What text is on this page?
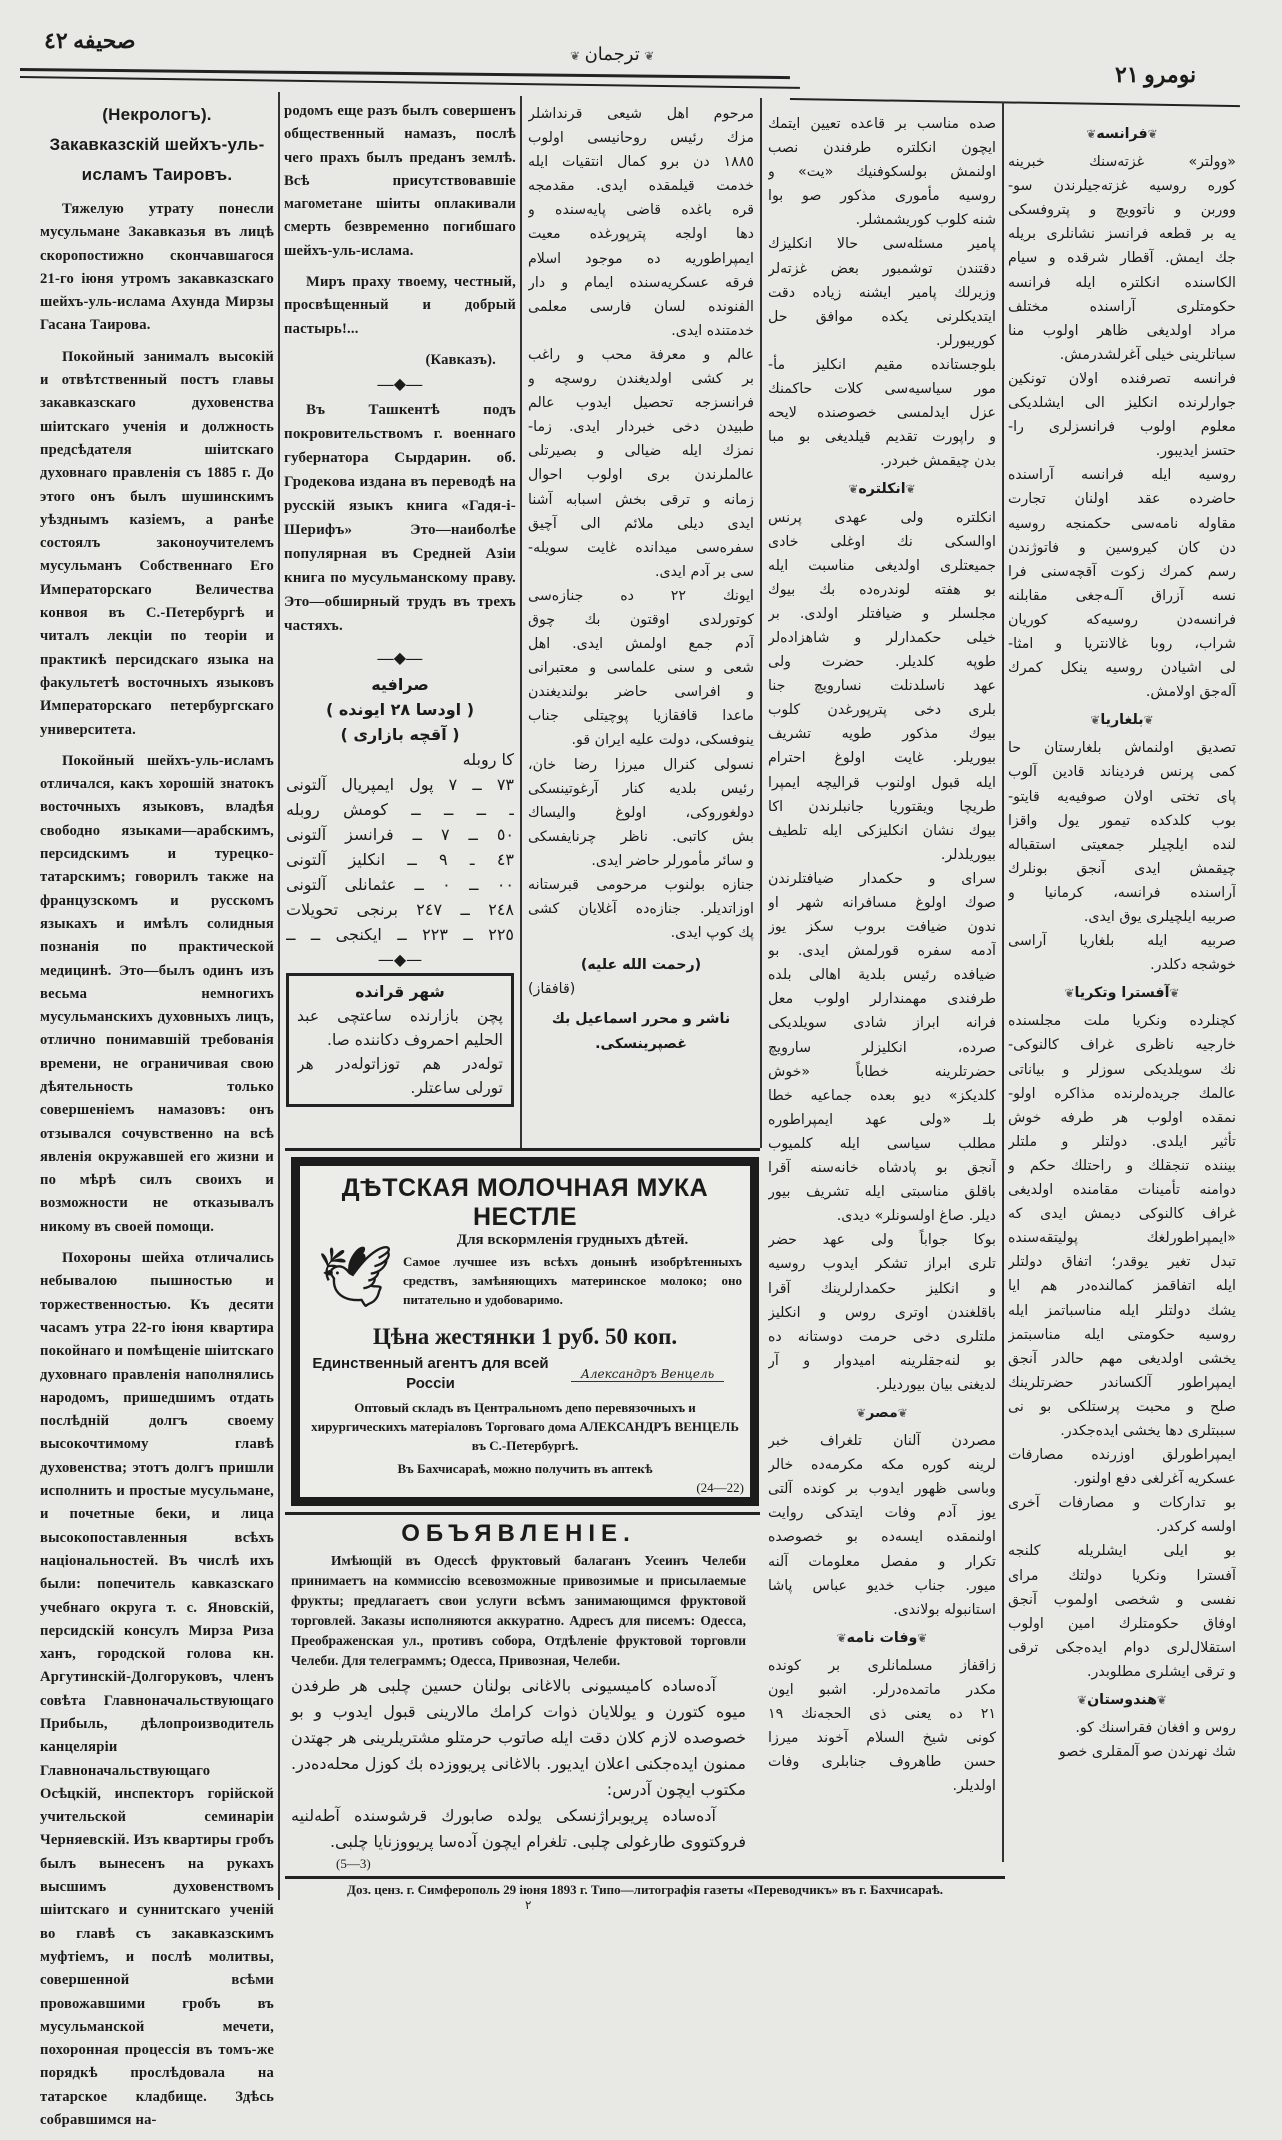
صحيفه ٤٢
❦ ترجمان ❦
نومرو ٢١
(Некрологъ).
Закавказскій шейхъ-уль-исламъ Таировъ.

Тяжелую утрату понесли мусульмане Закавказья въ лицѣ скоропостижно скончавшагося 21-го іюня утромъ закавказскаго шейхъ-уль-ислама Ахунда Мирзы Гасана Таирова.

Покойный занималъ высокій и отвѣтственный постъ главы закавказскаго духовенства шіитскаго ученія и должность предсѣдателя шіитскаго духовнаго правленія съ 1885 г. До этого онъ былъ шушинскимъ уѣзднымъ казіемъ, а ранѣе состоялъ законоучителемъ мусульманъ Собственнаго Его Императорскаго Величества конвоя въ С.-Петербургѣ и читалъ лекціи по теоріи и практикѣ персидскаго языка на факультетѣ восточныхъ языковъ Императорскаго петербургскаго университета.

Покойный шейхъ-уль-исламъ отличался, какъ хорошій знатокъ восточныхъ языковъ, владѣя свободно языками—арабскимъ, персидскимъ и турецко-татарскимъ; говорилъ также на французскомъ и русскомъ языкахъ и имѣлъ солидныя познанія по практической медицинѣ. Это—былъ одинъ изъ весьма немногихъ мусульманскихъ духовныхъ лицъ, отлично понимавшій требованія времени, не ограничивая свою дѣятельность только совершеніемъ намазовъ: онъ отзывался сочувственно на всѣ явленія окружавшей его жизни и по мѣрѣ силъ своихъ и возможности не отказывалъ никому въ своей помощи.

Похороны шейха отличались небывалою пышностью и торжественностью. Къ десяти часамъ утра 22-го іюня квартира покойнаго и помѣщеніе шіитскаго духовнаго правленія наполнялись народомъ, пришедшимъ отдать послѣдній долгъ своему высокочтимому главѣ духовенства; этотъ долгъ пришли исполнить и простые мусульмане, и почетные беки, и лица высокопоставленныя всѣхъ національностей. Въ числѣ ихъ были: попечитель кавказскаго учебнаго округа т. с. Яновскій, персидскій консулъ Мирза Риза ханъ, городской голова кн. Аргутинскій-Долгоруковъ, членъ совѣта Главноначальствующаго Прибыль, дѣлопроизводитель канцеляріи Главноначальствующаго Осѣцкій, инспекторъ горійской учительской семинаріи Черняевскій. Изъ квартиры гробъ былъ вынесенъ на рукахъ высшимъ духовенствомъ шіитскаго и суннитскаго ученій во главѣ съ закавказскимъ муфтіемъ, и послѣ молитвы, совершенной всѣми провожавшими гробъ въ мусульманской мечети, похоронная процессія въ томъ-же порядкѣ прослѣдовала на татарское кладбище. Здѣсь собравшимся на-

родомъ еще разъ былъ совершенъ общественный намазъ, послѣ чего прахъ былъ преданъ землѣ. Всѣ присутствовавшіе магометане шіиты оплакивали смерть безвременно погибшаго шейхъ-уль-ислама.

Миръ праху твоему, честный, просвѣщенный и добрый пастырь!...

(Кавказъ).
—◆—

Въ Ташкентѣ подъ покровительствомъ г. военнаго губернатора Сырдарин. об. Гродекова издана въ переводѣ на русскій языкъ книга «Гадя-і-Шерифъ» Это—наиболѣе популярная въ Средней Азіи книга по мусульманскому праву. Это—обширный трудъ въ трехъ частяхъ.

—◆—
صرافيه
( اودسا ٢٨ ايونده )
( آقچه بازارى )
كا روبله
٧٣ ــ ٧ پول ايمپريال آلتونى
ـ ــ ــ ــ كومش روبله
٥٠ ــ ٧ ــ فرانسز آلتونى
٤٣ ـ ٩ ــ انكليز آلتونى
٠٠ ــ ٠ ــ عثمانلى آلتونى
٢٤٨ ــ ٢٤٧ برنجى تحويلات
٢٢٥ ــ ٢٢٣ ــ ايكنجى ــ ــ
—◆—
شهر قرانده
پچن بازارنده ساعتچى عبد
الحليم احمروف دكاننده صا.
توله‌در هم توزاتوله‌در هر
تورلى ساعتلر.
مرحوم اهل شيعى قرنداشلر
مزك رئيس روحانيسى اولوب
١٨٨٥ دن برو كمال انتقيات ايله
خدمت قيلمقده ايدى. مقدمجه
قره باغده قاضى پايه‌سنده و
دها اولجه پترپورغده معيت
ايمپراطوريه ده موجود اسلام
فرقه عسكريه‌سنده ايمام و دار
الفنونده لسان فارسى معلمى
خدمتنده ايدى.
عالم و معرفة محب و راغب
بر كشى اولديغندن روسچه و
فرانسزجه تحصيل ايدوب عالم
طبيدن دخى خبردار ايدى. زما-
نمزك ايله ضيالى و بصيرتلى
عالملرندن برى اولوب احوال
زمانه و ترقى بخش اسبابه آشنا
ايدى ديلى ملائم الى آچيق
سفره‌سى ميدانده غايت سويله-
سى بر آدم ايدى.
ايونك ٢٢ ده جنازه‌سى
كوتورلدى اوقتون بك چوق
آدم جمع اولمش ايدى. اهل
شعى و سنى علماسى و معتبرانى
و افراسى حاضر بولنديغندن
ماعدا قافقازيا پوچيتلى جناب
ينوفسكى، دولت عليه ايران قو.
نسولى كنرال ميرزا رضا خان،
رئيس بلديه كنار آرغوتينسكى
دولغوروكى، اولوغ واليساك
بش كاتبى. ناظر چرنايفسكى
و سائر مأمورلر حاضر ايدى.
جنازه بولنوب مرحومى قبرستانه
اوزاتديلر. جنازه‌ده آغلايان كشى
پك كوپ ايدى.
(رحمت الله عليه)
(قافقاز)
ناشر و محرر اسماعيل بك
غصپرينسكى.
صده مناسب بر قاعده تعيين ايتمك
ايچون انكلتره طرفندن نصب
اولنمش بولسكوفنيك «يت» و
روسيه مأمورى مذكور صو بوا
شنه كلوب كوريشمشلر.
پامير مسئله‌سى حالا انكليزك
دقتندن توشمبور بعض غزته‌لر
وزيرلك پامير ايشنه زياده دقت
ايتديكلرنى يكده موافق حل
كوريبورلر.
بلوجستانده مقيم انكليز مأ-
مور سياسيه‌سى كلات حاكمنك
عزل ايدلمسى خصوصنده لايحه
و راپورت تقديم قيلديغى بو مبا
بدن چيقمش خبردر.
❦انكلتره❦
انكلتره ولى عهدى پرنس
اوالسكى نك اوغلى خادى
جميعتلرى اولديغى مناسبت ايله
بو هفته لوندره‌ده بك بيوك
مجلسلر و ضيافتلر اولدى. بر
خيلى حكمدارلر و شاهزاده‌لر
طوپه كلديلر. حضرت ولى
عهد ناسلدنلت نسارويچ جنا
بلرى دخى پترپورغدن كلوب
بيوك مذكور طويه تشريف
بيوريلر. غايت اولوغ احترام
ايله قبول اولنوب قراليچه ايمپرا
طريچا ويقتوريا جانبلرندن اكا
بيوك نشان انكليزكى ايله تلطيف
بيوريلدلر.
سراى و حكمدار ضيافتلرندن
صوك اولوغ مسافرانه شهر او
ندون ضيافت بروب سكز يوز
آدمه سفره قورلمش ايدى. بو
ضيافده رئيس بلدية اهالى بلده
طرفندى مهمندارلر اولوب معل
فرانه ابراز شادى سويلديكى
صرده، انكليزلر سارويچ
حضرتلرينه خطاباً «خوش
كلديكز» ديو بعده جماعيه خطا
بلـ «ولى عهد ايمپراطوره
مطلب سياسى ايله كلميوب
آنجق بو پادشاه خانه‌سنه آقرا
باقلق مناسبتى ايله تشريف بيور
ديلر. صاغ اولسونلر» ديدى.
بوكا جواباً ولى عهد حضر
تلرى ابراز تشكر ايدوب روسيه
و انكليز حكمدارلرينك آقرا
باقلغندن اوترى روس و انكليز
ملتلرى دخى حرمت دوستانه ده
بو لنه‌جقلرينه اميدوار و آر
لديغنى بيان بيورديلر.
❦مصر❦
مصردن آلنان تلغراف خبر
لرينه كوره مكه مكرمه‌ده خالر
وباسى ظهور ايدوب بر كونده آلتى
يوز آدم وفات ايتدكى روايت
اولنمقده ايسه‌ده بو خصوصده
تكرار و مفصل معلومات آلنه
ميور. جناب خديو عباس پاشا
استانبوله بولاندى.
❦وفات نامه❦
زاقفاز مسلمانلرى بر كونده
مكدر ماتمده‌درلر. اشبو ايون
٢١ ده يعنى ذى الحجه‌نك ١٩
كونى شيخ السلام آخوند ميرزا
حسن طاهروف جنابلرى وفات
اولديلر.
❦فرانسه❦
«وولتر» غزته‌سنك خبرينه
كوره روسيه غزته‌جيلرندن سو-
ووربن و ناتوويچ و پتروفسكى
يه بر قطعه فرانسز نشانلرى بريله
جك ايمش. آقطار شرقده و سيام
الكاسنده انكلتره ايله فرانسه
حكومتلرى آراسنده مختلف
مراد اولديغى ظاهر اولوب منا
سباتلرينى خيلى آغرلشدرمش.
فرانسه تصرفنده اولان تونكين
جوارلرنده انكليز الى ايشلديكى
معلوم اولوب فرانسزلرى را-
حتسز ايديبور.
روسيه ايله فرانسه آراسنده
حاضرده عقد اولنان تجارت
مقاوله نامه‌سى حكمنجه روسيه
دن كان كيروسين و فاتوژندن
رسم كمرك زكوت آقچه‌سنى فرا
نسه آزراق آلـه‌جغى مقابلنه
فرانسه‌دن روسيه‌كه كوريان
شراب، روبا غالانتريا و امثا-
لى اشيادن روسيه ينكل كمرك
آله‌جق اولامش.
❦بلغاريا❦
تصديق اولنماش بلغارستان حا
كمى پرنس فرديناند قادين آلوب
پاى تختى اولان صوفيه‌يه قايتو-
بوب كلدكده تيمور يول واقزا
لنده ايلچيلر جمعيتى استقباله
چيقمش ايدى آنجق بونلرك
آراسنده فرانسه، كرمانيا و
صربيه ايلچيلرى يوق ايدى.
صربيه ايله بلغاريا آراسى
خوشجه دكلدر.
❦آفسترا وتكريا❦
كچنلرده ونكريا ملت مجلسنده
خارجيه ناظرى غراف كالنوكى-
نك سويلديكى سوزلر و بياناتى
عالمك جريده‌لرنده مذاكره اولو-
نمقده اولوب هر طرفه خوش
تأثير ايلدى. دولتلر و ملتلر
بيننده تنجقلك و راحتلك حكم و
دوامنه تأمينات مقامنده اولديغى
غراف كالنوكى ديمش ايدى كه
«ايمپراطورلغك پوليتقه‌سنده
تبدل تغير يوقدر؛ اتفاق دولتلر
ايله اتفاقمز كمالنده‌در هم ايا
يشك دولتلر ايله مناسباتمز ايله
روسيه حكومتى ايله مناسبتمز
يخشى اولديغى مهم حالدر آنجق
ايمپراطور آلكساندر حضرتلرينك
صلح و محبت پرستلكى بو نى
سببتلرى دها يخشى ايده‌جكدر.
ايمپراطورلق اوزرنده مصارفات
عسكريه آغرلغى دفع اولنور.
بو تداركات و مصارفات آخرى
اولسه كركدر.
بو ايلى ايشلريله كلنجه
آفسترا ونكريا دولتك مراى
نفسى و شخصى اولموب آنجق
اوفاق حكومتلرك امين اولوب
استقلال‌لرى دوام ايده‌جكى ترقى
و ترقى ايشلرى مطلوبدر.
❦هندوستان❦
روس و افغان فقراسنك كو.
شك نهرندن صو آلمقلرى خصو
ДѢТСКАЯ МОЛОЧНАЯ МУКА НЕСТЛЕ
🕊
Для вскормленія грудныхъ дѣтей.
Самое лучшее изъ всѣхъ донынѣ изобрѣтенныхъ средствъ, замѣняющихъ материнское молоко; оно питательно и удобоваримо.
Цѣна жестянки 1 руб. 50 коп.
Единственный агентъ для всей Россіи
Александръ Венцель
Оптовый складъ въ Центральномъ депо перевязочныхъ и хирургическихъ матеріаловъ Торговаго дома АЛЕКСАНДРЪ ВЕНЦЕЛЬ въ С.-Петербургѣ.
Въ Бахчисараѣ, можно получить въ аптекѣ
(24—22)
ОБЪЯВЛЕНІЕ.
Имѣющій въ Одессѣ фруктовый балаганъ Усеинъ Челеби принимаетъ на коммиссію всевозможные привозимые и присылаемые фрукты; предлагаетъ свои услуги всѣмъ занимающимся фруктовой торговлей. Заказы исполняются аккуратно. Адресъ для писемъ: Одесса, Преображенская ул., противъ собора, Отдѣленіе фруктовой торговли Челеби. Для телеграммъ; Одесса, Привозная, Челеби.
آدەسادە كاميسيونى بالاغانى بولنان حسين چلبى هر طرفدن ميوە كتورن و يوللايان ذوات كرامك مالارينى قبول ايدوب و بو خصوصدە لازم كلان دقت ايلە صاتوب حرمتلو مشتريلرينى هر جهتدن ممنون ايدەجكنى اعلان ايديور. بالاغانى پريووزدە بك كوزل محلەدەدر. مكتوب ايچون آدرس:
آدەسادە پريوبراژنسكى يولدە صابورك قرشوسندە آطەلنيە فروكتووى طارغولى چلبى. تلغرام ايچون آدەسا پريووزنايا چلبى.
(5—3)
Доз. ценз. г. Симферополь 29 іюня 1893 г. Типо—литографія газеты «Переводчикъ» въ г. Бахчисараѣ.
٢
